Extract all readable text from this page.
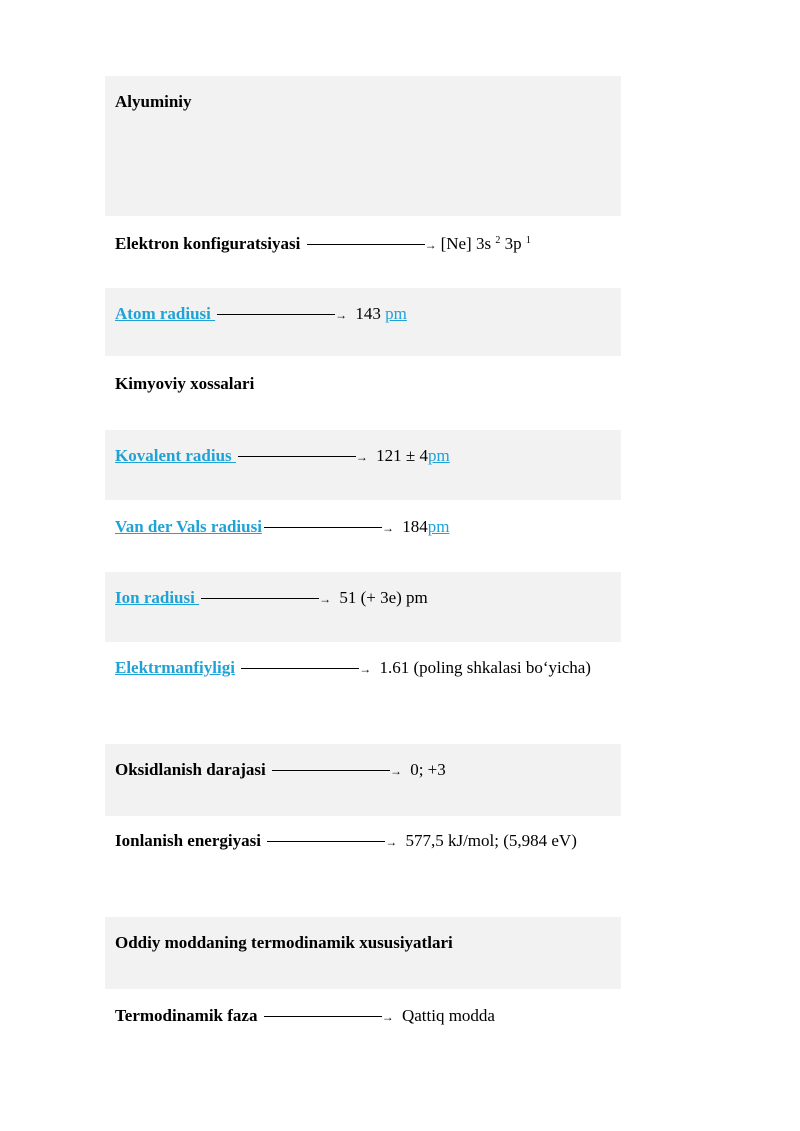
Alyuminiy
Elektron konfiguratsiyasi	→ [Ne] 3s $^2$ 3p $^1$
Atom radiusi	→ 143 pm
Kimyoviy xossalari
Kovalent radius	→ 121 ± 4pm
Van der Vals radiusi	→ 184pm
Ion radiusi	→ 51 (+ 3e) pm
Elektrmanfiyligi	→ 1.61 (poling shkalasi bo‘yicha)
Oksidlanish darajasi	→ 0; +3
Ionlanish energiyasi	→ 577,5 kJ/mol; (5,984 eV)
Oddiy moddaning termodinamik xususiyatlari
Termodinamik faza	→ Qattiq modda
